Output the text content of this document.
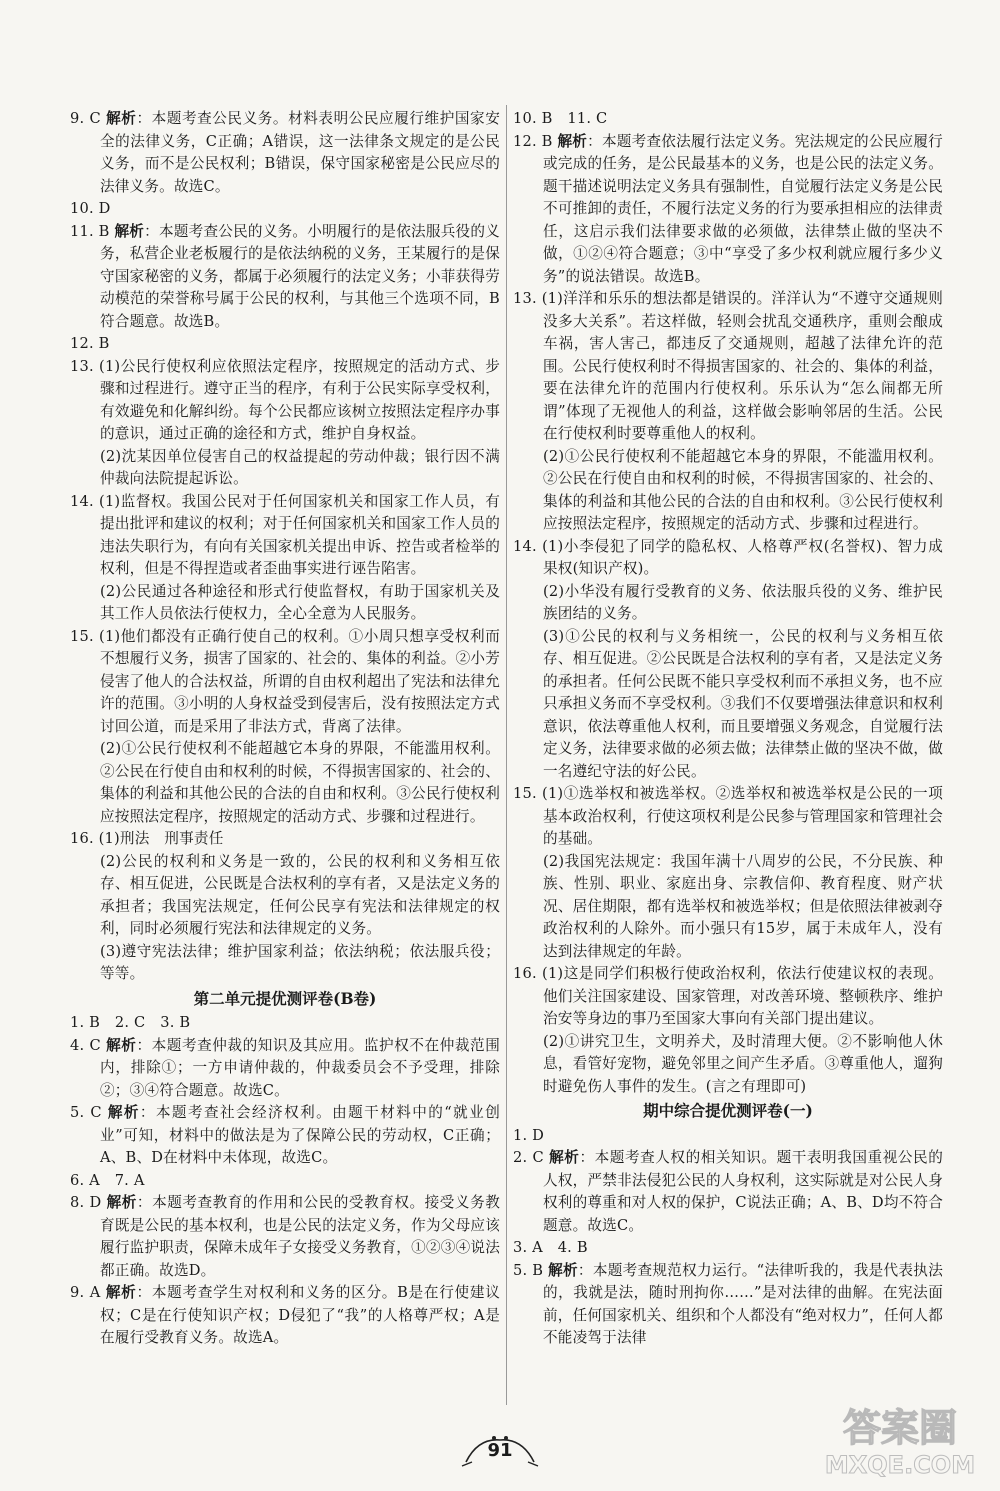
9. C 解析：本题考查公民义务。材料表明公民应履行维护国家安全的法律义务，C正确；A错误，这一法律条文规定的是公民义务，而不是公民权利；B错误，保守国家秘密是公民应尽的法律义务。故选C。

10. D

11. B 解析：本题考查公民的义务。小明履行的是依法服兵役的义务，私营企业老板履行的是依法纳税的义务，王某履行的是保守国家秘密的义务，都属于必须履行的法定义务；小菲获得劳动模范的荣誉称号属于公民的权利，与其他三个选项不同，B符合题意。故选B。

12. B

13. (1)公民行使权利应依照法定程序，按照规定的活动方式、步骤和过程进行。遵守正当的程序，有利于公民实际享受权利，有效避免和化解纠纷。每个公民都应该树立按照法定程序办事的意识，通过正确的途径和方式，维护自身权益。

(2)沈某因单位侵害自己的权益提起的劳动仲裁；银行因不满仲裁向法院提起诉讼。

14. (1)监督权。我国公民对于任何国家机关和国家工作人员，有提出批评和建议的权利；对于任何国家机关和国家工作人员的违法失职行为，有向有关国家机关提出申诉、控告或者检举的权利，但是不得捏造或者歪曲事实进行诬告陷害。

(2)公民通过各种途径和形式行使监督权，有助于国家机关及其工作人员依法行使权力，全心全意为人民服务。

15. (1)他们都没有正确行使自己的权利。①小周只想享受权利而不想履行义务，损害了国家的、社会的、集体的利益。②小芳侵害了他人的合法权益，所谓的自由权利超出了宪法和法律允许的范围。③小明的人身权益受到侵害后，没有按照法定方式讨回公道，而是采用了非法方式，背离了法律。

(2)①公民行使权利不能超越它本身的界限，不能滥用权利。②公民在行使自由和权利的时候，不得损害国家的、社会的、集体的利益和其他公民的合法的自由和权利。③公民行使权利应按照法定程序，按照规定的活动方式、步骤和过程进行。

16. (1)刑法　刑事责任

(2)公民的权利和义务是一致的，公民的权利和义务相互依存、相互促进，公民既是合法权利的享有者，又是法定义务的承担者；我国宪法规定，任何公民享有宪法和法律规定的权利，同时必须履行宪法和法律规定的义务。

(3)遵守宪法法律；维护国家利益；依法纳税；依法服兵役；等等。

第二单元提优测评卷(B卷)

1. B　2. C　3. B

4. C 解析：本题考查仲裁的知识及其应用。监护权不在仲裁范围内，排除①；一方申请仲裁的，仲裁委员会不予受理，排除②；③④符合题意。故选C。

5. C 解析：本题考查社会经济权利。由题干材料中的“就业创业”可知，材料中的做法是为了保障公民的劳动权，C正确；A、B、D在材料中未体现，故选C。

6. A　7. A

8. D 解析：本题考查教育的作用和公民的受教育权。接受义务教育既是公民的基本权利，也是公民的法定义务，作为父母应该履行监护职责，保障未成年子女接受义务教育，①②③④说法都正确。故选D。

9. A 解析：本题考查学生对权利和义务的区分。B是在行使建议权；C是在行使知识产权；D侵犯了“我”的人格尊严权；A是在履行受教育义务。故选A。

10. B　11. C

12. B 解析：本题考查依法履行法定义务。宪法规定的公民应履行或完成的任务，是公民最基本的义务，也是公民的法定义务。题干描述说明法定义务具有强制性，自觉履行法定义务是公民不可推卸的责任，不履行法定义务的行为要承担相应的法律责任，这启示我们法律要求做的必须做，法律禁止做的坚决不做，①②④符合题意；③中“享受了多少权利就应履行多少义务”的说法错误。故选B。

13. (1)洋洋和乐乐的想法都是错误的。洋洋认为“不遵守交通规则没多大关系”。若这样做，轻则会扰乱交通秩序，重则会酿成车祸，害人害己，都违反了交通规则，超越了法律允许的范围。公民行使权利时不得损害国家的、社会的、集体的利益，要在法律允许的范围内行使权利。乐乐认为“怎么闹都无所谓”体现了无视他人的利益，这样做会影响邻居的生活。公民在行使权利时要尊重他人的权利。

(2)①公民行使权利不能超越它本身的界限，不能滥用权利。②公民在行使自由和权利的时候，不得损害国家的、社会的、集体的利益和其他公民的合法的自由和权利。③公民行使权利应按照法定程序，按照规定的活动方式、步骤和过程进行。

14. (1)小李侵犯了同学的隐私权、人格尊严权(名誉权)、智力成果权(知识产权)。

(2)小华没有履行受教育的义务、依法服兵役的义务、维护民族团结的义务。

(3)①公民的权利与义务相统一，公民的权利与义务相互依存、相互促进。②公民既是合法权利的享有者，又是法定义务的承担者。任何公民既不能只享受权利而不承担义务，也不应只承担义务而不享受权利。③我们不仅要增强法律意识和权利意识，依法尊重他人权利，而且要增强义务观念，自觉履行法定义务，法律要求做的必须去做；法律禁止做的坚决不做，做一名遵纪守法的好公民。

15. (1)①选举权和被选举权。②选举权和被选举权是公民的一项基本政治权利，行使这项权利是公民参与管理国家和管理社会的基础。

(2)我国宪法规定：我国年满十八周岁的公民，不分民族、种族、性别、职业、家庭出身、宗教信仰、教育程度、财产状况、居住期限，都有选举权和被选举权；但是依照法律被剥夺政治权利的人除外。而小强只有15岁，属于未成年人，没有达到法律规定的年龄。

16. (1)这是同学们积极行使政治权利，依法行使建议权的表现。他们关注国家建设、国家管理，对改善环境、整顿秩序、维护治安等身边的事乃至国家大事向有关部门提出建议。

(2)①讲究卫生，文明养犬，及时清理大便。②不影响他人休息，看管好宠物，避免邻里之间产生矛盾。③尊重他人，遛狗时避免伤人事件的发生。(言之有理即可)

期中综合提优测评卷(一)

1. D

2. C 解析：本题考查人权的相关知识。题干表明我国重视公民的人权，严禁非法侵犯公民的人身权利，这实际就是对公民人身权利的尊重和对人权的保护，C说法正确；A、B、D均不符合题意。故选C。

3. A　4. B

5. B 解析：本题考查规范权力运行。“法律听我的，我是代表执法的，我就是法，随时刑拘你……”是对法律的曲解。在宪法面前，任何国家机关、组织和个人都没有“绝对权力”，任何人都不能凌驾于法律

91
答案圈
MXQE.COM
